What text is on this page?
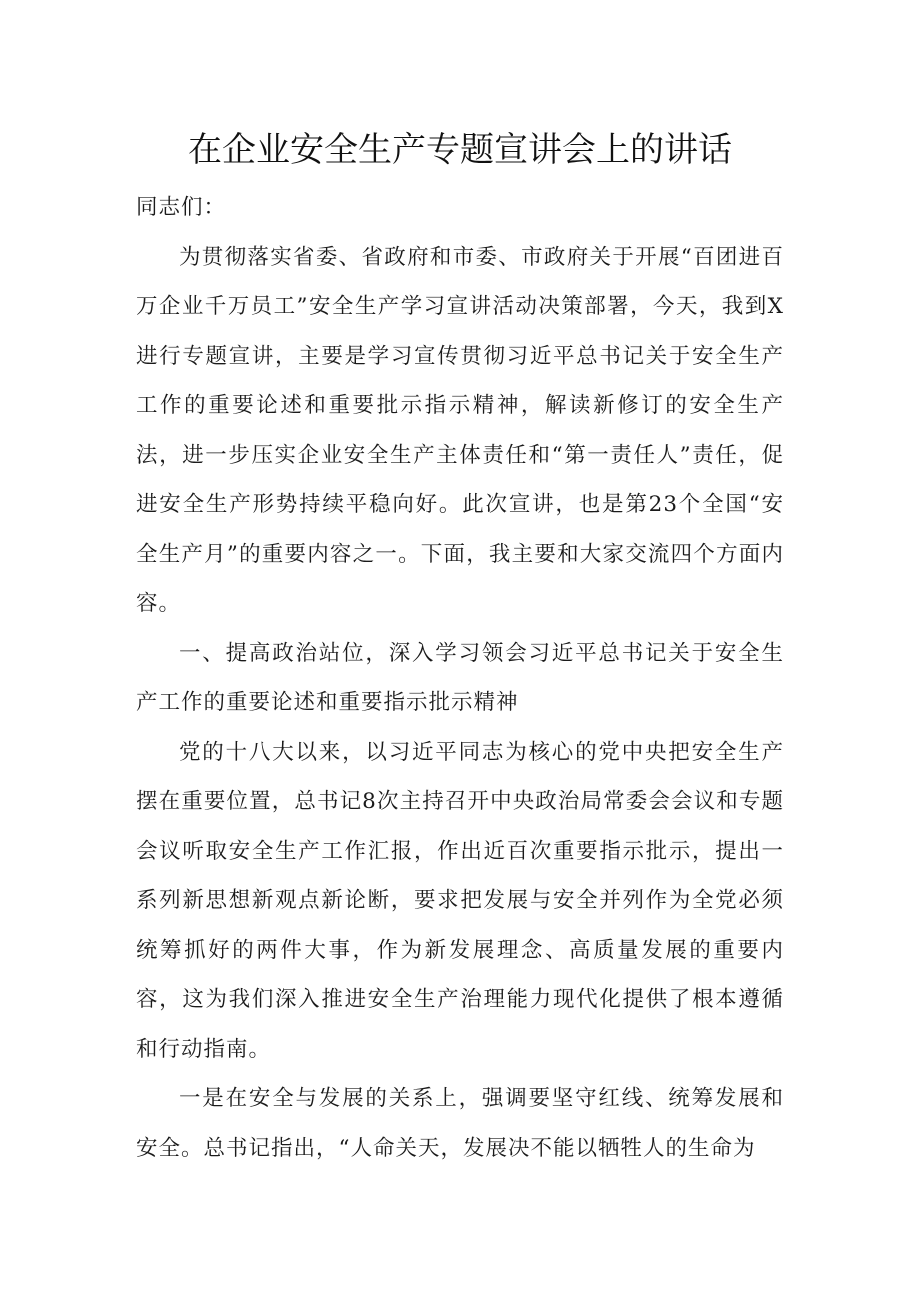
在企业安全生产专题宣讲会上的讲话

同志们：

为贯彻落实省委、省政府和市委、市政府关于开展“百团进百万企业千万员工”安全生产学习宣讲活动决策部署，今天，我到X进行专题宣讲，主要是学习宣传贯彻习近平总书记关于安全生产工作的重要论述和重要批示指示精神，解读新修订的安全生产法，进一步压实企业安全生产主体责任和“第一责任人”责任，促进安全生产形势持续平稳向好。此次宣讲，也是第23个全国“安全生产月”的重要内容之一。下面，我主要和大家交流四个方面内容。

一、提高政治站位，深入学习领会习近平总书记关于安全生产工作的重要论述和重要指示批示精神

党的十八大以来，以习近平同志为核心的党中央把安全生产摆在重要位置，总书记8次主持召开中央政治局常委会会议和专题会议听取安全生产工作汇报，作出近百次重要指示批示，提出一系列新思想新观点新论断，要求把发展与安全并列作为全党必须统筹抓好的两件大事，作为新发展理念、高质量发展的重要内容，这为我们深入推进安全生产治理能力现代化提供了根本遵循和行动指南。

一是在安全与发展的关系上，强调要坚守红线、统筹发展和安全。总书记指出，“人命关天，发展决不能以牺牲人的生命为
